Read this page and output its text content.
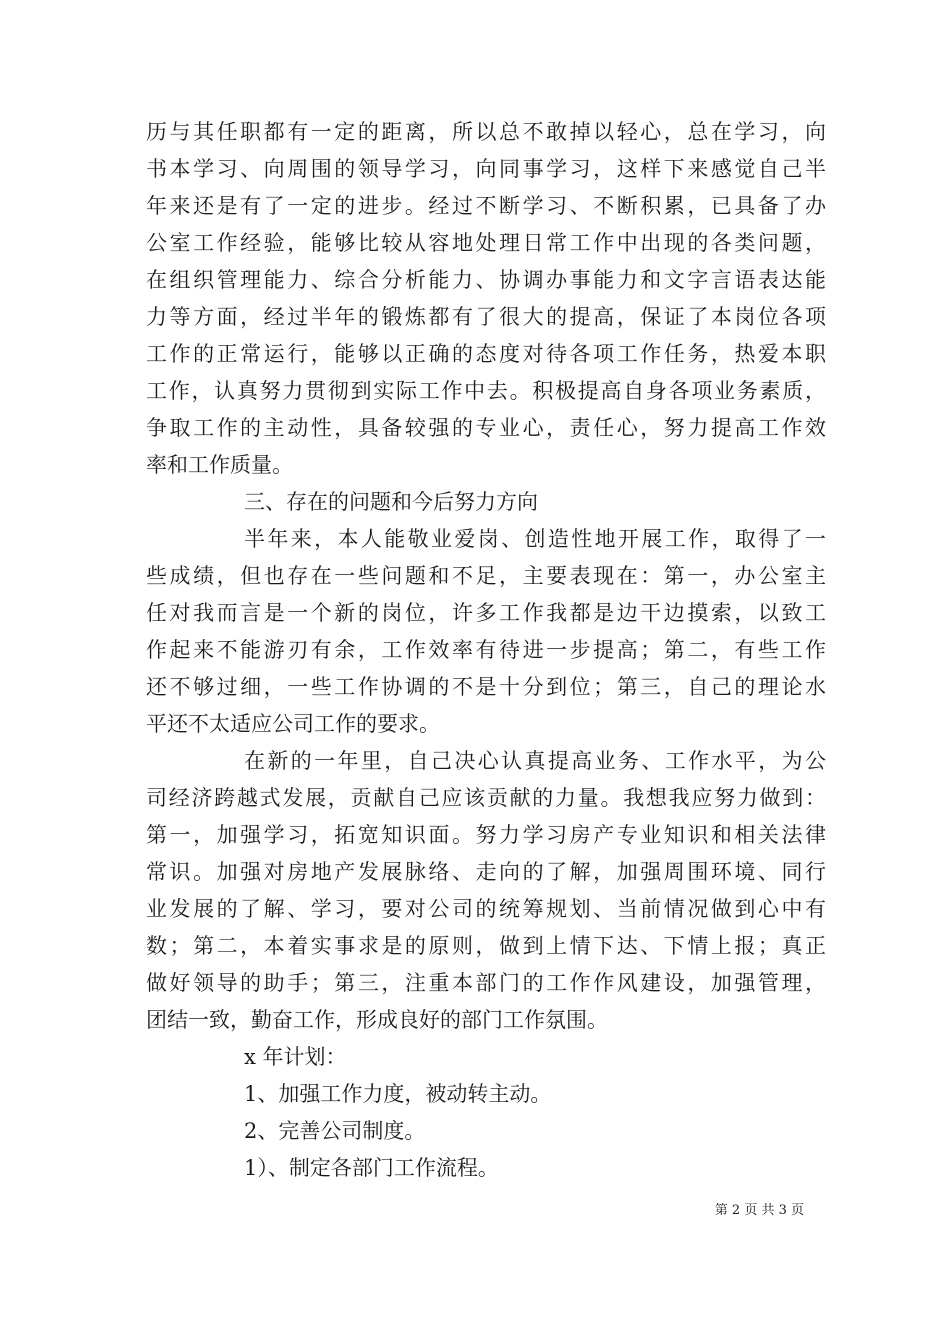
历与其任职都有一定的距离，所以总不敢掉以轻心，总在学习，向
书本学习、向周围的领导学习，向同事学习，这样下来感觉自己半
年来还是有了一定的进步。经过不断学习、不断积累，已具备了办
公室工作经验，能够比较从容地处理日常工作中出现的各类问题，
在组织管理能力、综合分析能力、协调办事能力和文字言语表达能
力等方面，经过半年的锻炼都有了很大的提高，保证了本岗位各项
工作的正常运行，能够以正确的态度对待各项工作任务，热爱本职
工作，认真努力贯彻到实际工作中去。积极提高自身各项业务素质，
争取工作的主动性，具备较强的专业心，责任心，努力提高工作效
率和工作质量。
三、存在的问题和今后努力方向
半年来，本人能敬业爱岗、创造性地开展工作，取得了一
些成绩，但也存在一些问题和不足，主要表现在：第一，办公室主
任对我而言是一个新的岗位，许多工作我都是边干边摸索，以致工
作起来不能游刃有余，工作效率有待进一步提高；第二，有些工作
还不够过细，一些工作协调的不是十分到位；第三，自己的理论水
平还不太适应公司工作的要求。
在新的一年里，自己决心认真提高业务、工作水平，为公
司经济跨越式发展，贡献自己应该贡献的力量。我想我应努力做到：
第一，加强学习，拓宽知识面。努力学习房产专业知识和相关法律
常识。加强对房地产发展脉络、走向的了解，加强周围环境、同行
业发展的了解、学习，要对公司的统筹规划、当前情况做到心中有
数；第二，本着实事求是的原则，做到上情下达、下情上报；真正
做好领导的助手；第三，注重本部门的工作作风建设，加强管理，
团结一致，勤奋工作，形成良好的部门工作氛围。
x 年计划：
1、加强工作力度，被动转主动。
2、完善公司制度。
1）、制定各部门工作流程。
第 2 页 共 3 页
